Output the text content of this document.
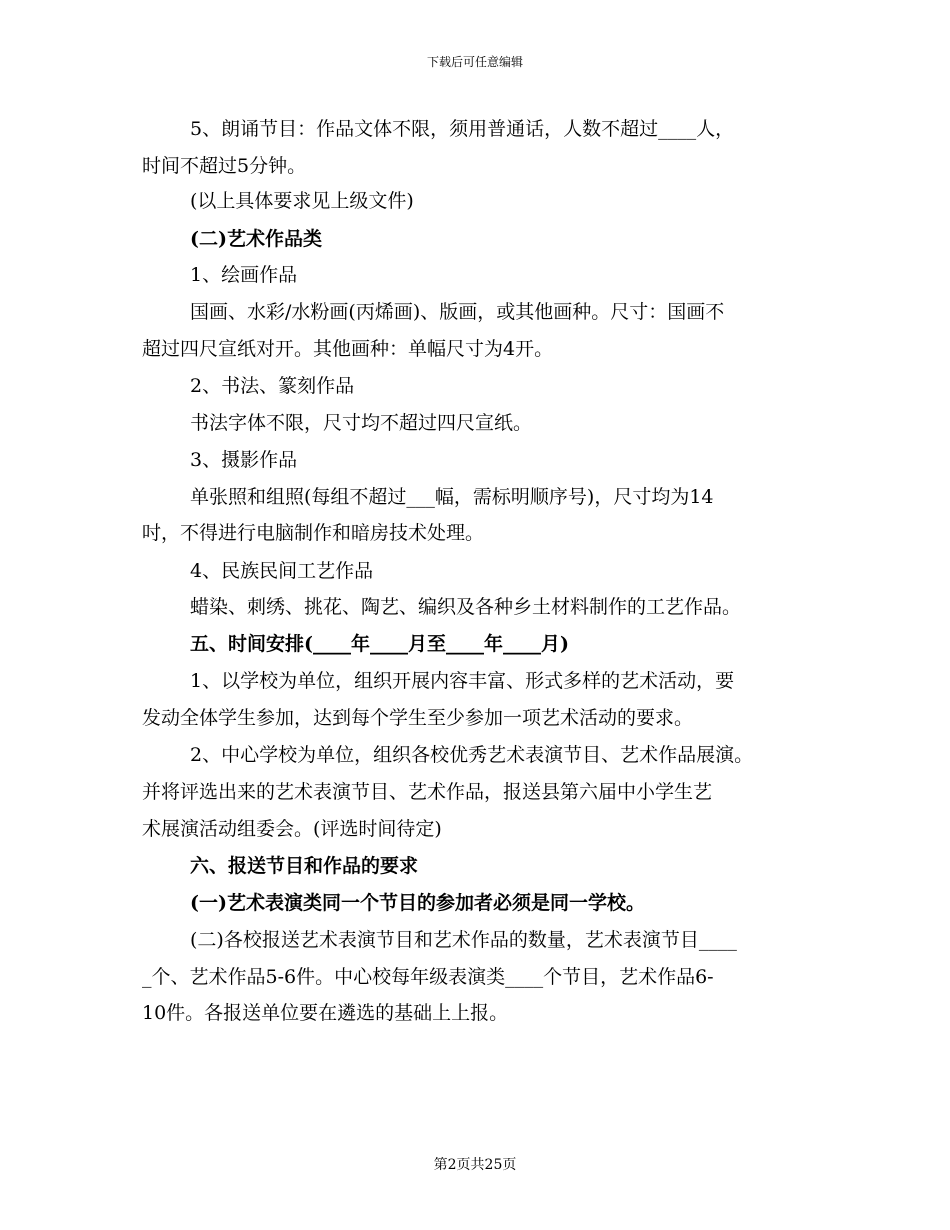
下载后可任意编辑
5、朗诵节目：作品文体不限，须用普通话，人数不超过____人，
时间不超过5分钟。
(以上具体要求见上级文件)
(二)艺术作品类
1、绘画作品
国画、水彩/水粉画(丙烯画)、版画，或其他画种。尺寸：国画不
超过四尺宣纸对开。其他画种：单幅尺寸为4开。
2、书法、篆刻作品
书法字体不限，尺寸均不超过四尺宣纸。
3、摄影作品
单张照和组照(每组不超过___幅，需标明顺序号)，尺寸均为14
吋，不得进行电脑制作和暗房技术处理。
4、民族民间工艺作品
蜡染、刺绣、挑花、陶艺、编织及各种乡土材料制作的工艺作品。
五、时间安排(____年____月至____年____月)
1、以学校为单位，组织开展内容丰富、形式多样的艺术活动，要
发动全体学生参加，达到每个学生至少参加一项艺术活动的要求。
2、中心学校为单位，组织各校优秀艺术表演节目、艺术作品展演。
并将评选出来的艺术表演节目、艺术作品，报送县第六届中小学生艺
术展演活动组委会。(评选时间待定)
六、报送节目和作品的要求
(一)艺术表演类同一个节目的参加者必须是同一学校。
(二)各校报送艺术表演节目和艺术作品的数量，艺术表演节目____
_个、艺术作品5-6件。中心校每年级表演类____个节目，艺术作品6-
10件。各报送单位要在遴选的基础上上报。
第2页共25页
